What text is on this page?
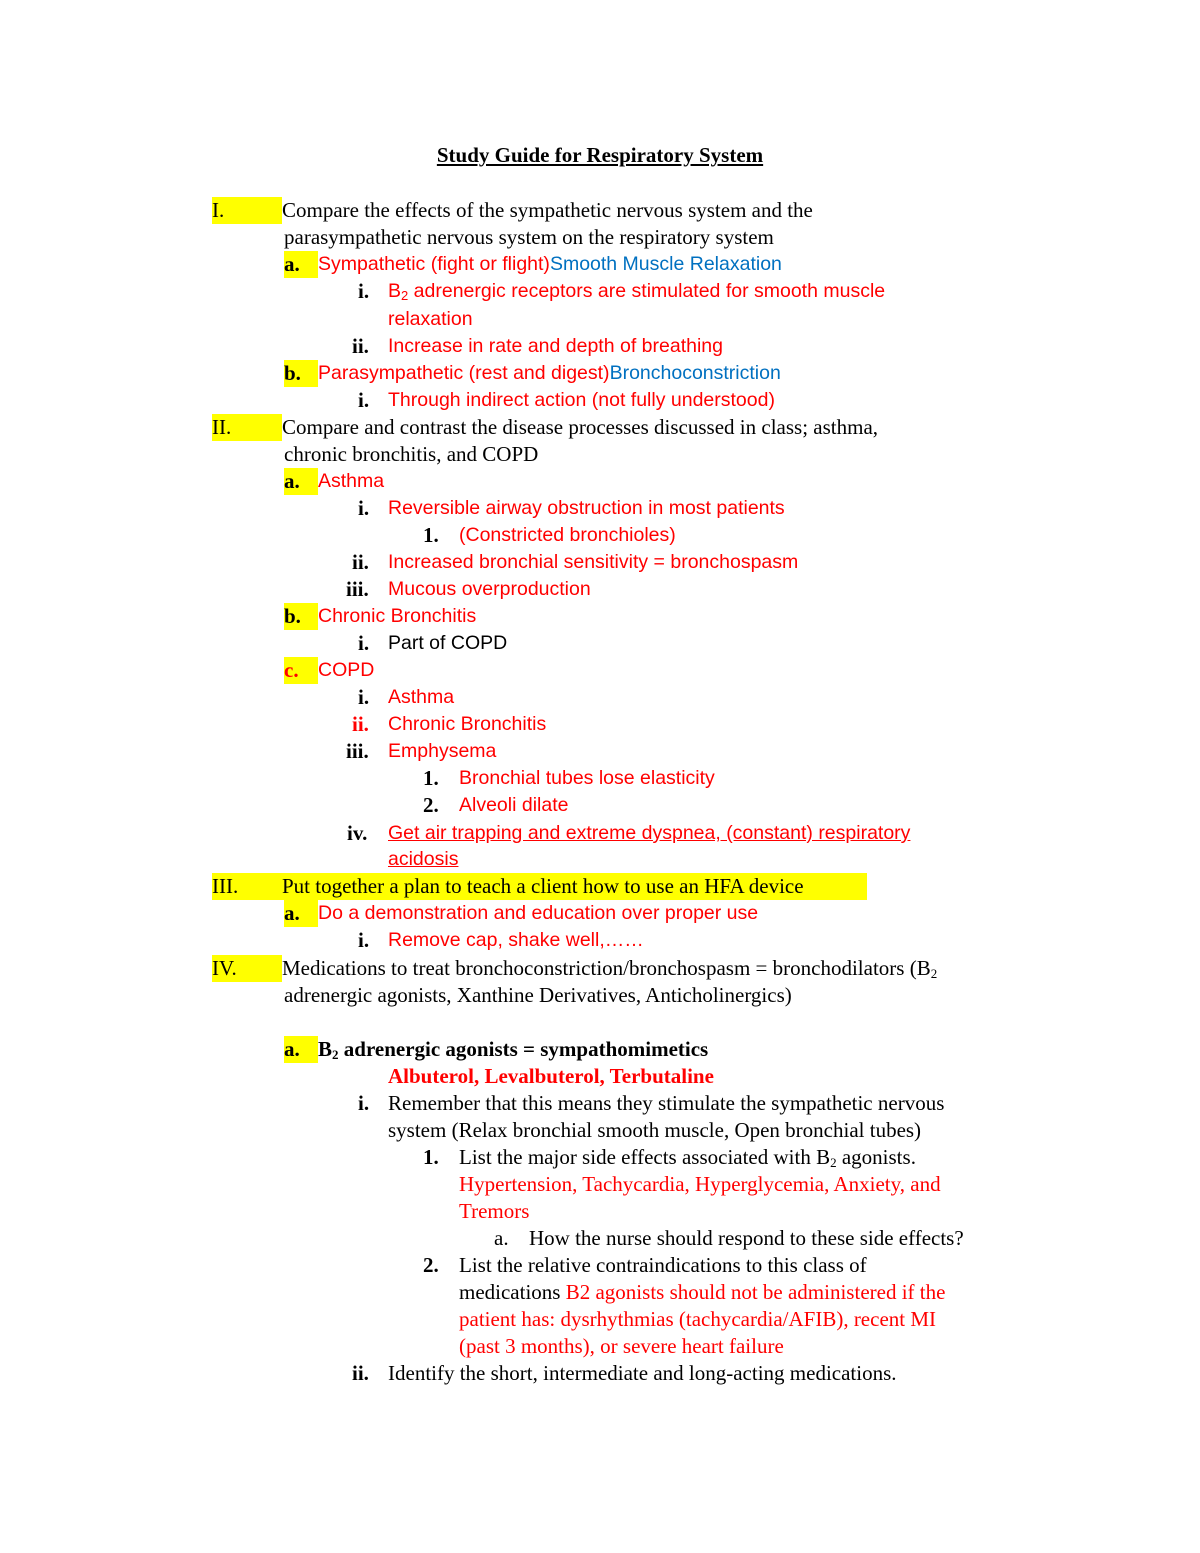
Study Guide for Respiratory System
I.	Compare the effects of the sympathetic nervous system and the
parasympathetic nervous system on the respiratory system
a. Sympathetic (fight or flight)Smooth Muscle Relaxation
i. $B_2$ adrenergic receptors are stimulated for smooth muscle
relaxation
ii. Increase in rate and depth of breathing
b. Parasympathetic (rest and digest)Bronchoconstriction
i. Through indirect action (not fully understood)
II. Compare and contrast the disease processes discussed in class; asthma,
chronic bronchitis, and COPD
a. Asthma
i. Reversible airway obstruction in most patients
1.	(Constricted bronchioles)
ii. Increased bronchial sensitivity = bronchospasm
iii. Mucous overproduction
b. Chronic Bronchitis
i. Part of COPD
c. COPD
i. Asthma
ii. Chronic Bronchitis
iii. Emphysema
1.	Bronchial tubes lose elasticity
2.	Alveoli dilate
iv.	Get air trapping and extreme dyspnea, (constant) respiratory
acidosis
III. Put together a plan to teach a client how to use an HFA device
a. Do a demonstration and education over proper use
i. Remove cap, shake well,……
IV. Medications to treat bronchoconstriction/bronchospasm = bronchodilators ($B_2$
adrenergic agonists, Xanthine Derivatives, Anticholinergics)
a. $B_2$ adrenergic agonists = sympathomimetics
Albuterol, Levalbuterol, Terbutaline
i. Remember that this means they stimulate the sympathetic nervous
system (Relax bronchial smooth muscle, Open bronchial tubes)
1. List the major side effects associated with $B_2$ agonists.
Hypertension, Tachycardia, Hyperglycemia, Anxiety, and
Tremors
a. How the nurse should respond to these side effects?
2. List the relative contraindications to this class of
medications B2 agonists should not be administered if the
patient has: dysrhythmias (tachycardia/AFIB), recent MI
(past 3 months), or severe heart failure
ii. Identify the short, intermediate and long-acting medications.
